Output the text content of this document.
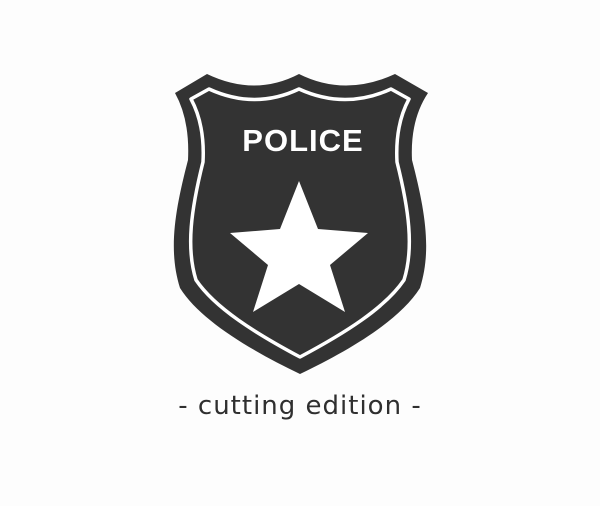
POLICE
- cutting edition -
